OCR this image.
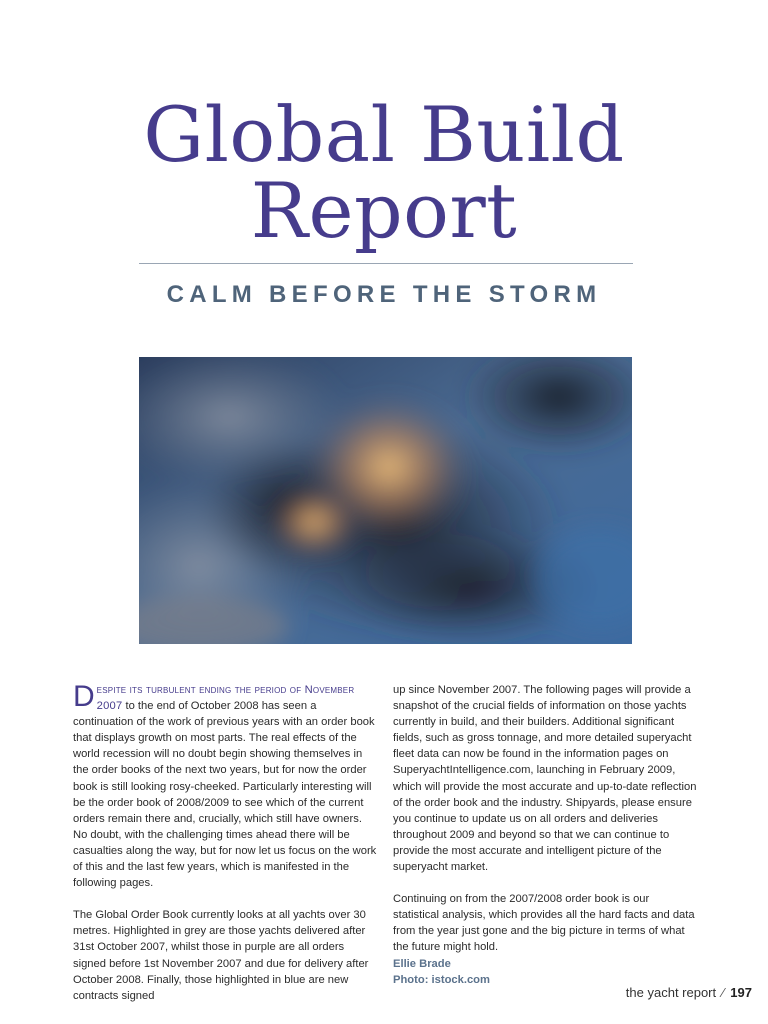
Global Build
Report
CALM BEFORE THE STORM

Despite its turbulent ending the period of November 2007 to the end of October 2008 has seen a continuation of the work of previous years with an order book that displays growth on most parts. The real effects of the world recession will no doubt begin showing themselves in the order books of the next two years, but for now the order book is still looking rosy-cheeked. Particularly interesting will be the order book of 2008/2009 to see which of the current orders remain there and, crucially, which still have owners. No doubt, with the challenging times ahead there will be casualties along the way, but for now let us focus on the work of this and the last few years, which is manifested in the following pages.

The Global Order Book currently looks at all yachts over 30 metres. Highlighted in grey are those yachts delivered after 31st October 2007, whilst those in purple are all orders signed before 1st November 2007 and due for delivery after October 2008. Finally, those highlighted in blue are new contracts signed

up since November 2007. The following pages will provide a snapshot of the crucial fields of information on those yachts currently in build, and their builders. Additional significant fields, such as gross tonnage, and more detailed superyacht fleet data can now be found in the information pages on SuperyachtIntelligence.com, launching in February 2009, which will provide the most accurate and up-to-date reflection of the order book and the industry. Shipyards, please ensure you continue to update us on all orders and deliveries throughout 2009 and beyond so that we can continue to provide the most accurate and intelligent picture of the superyacht market.

Continuing on from the 2007/2008 order book is our statistical analysis, which provides all the hard facts and data from the year just gone and the big picture in terms of what the future might hold.
Ellie Brade
Photo: istock.com

the yacht report ⁄ 197
